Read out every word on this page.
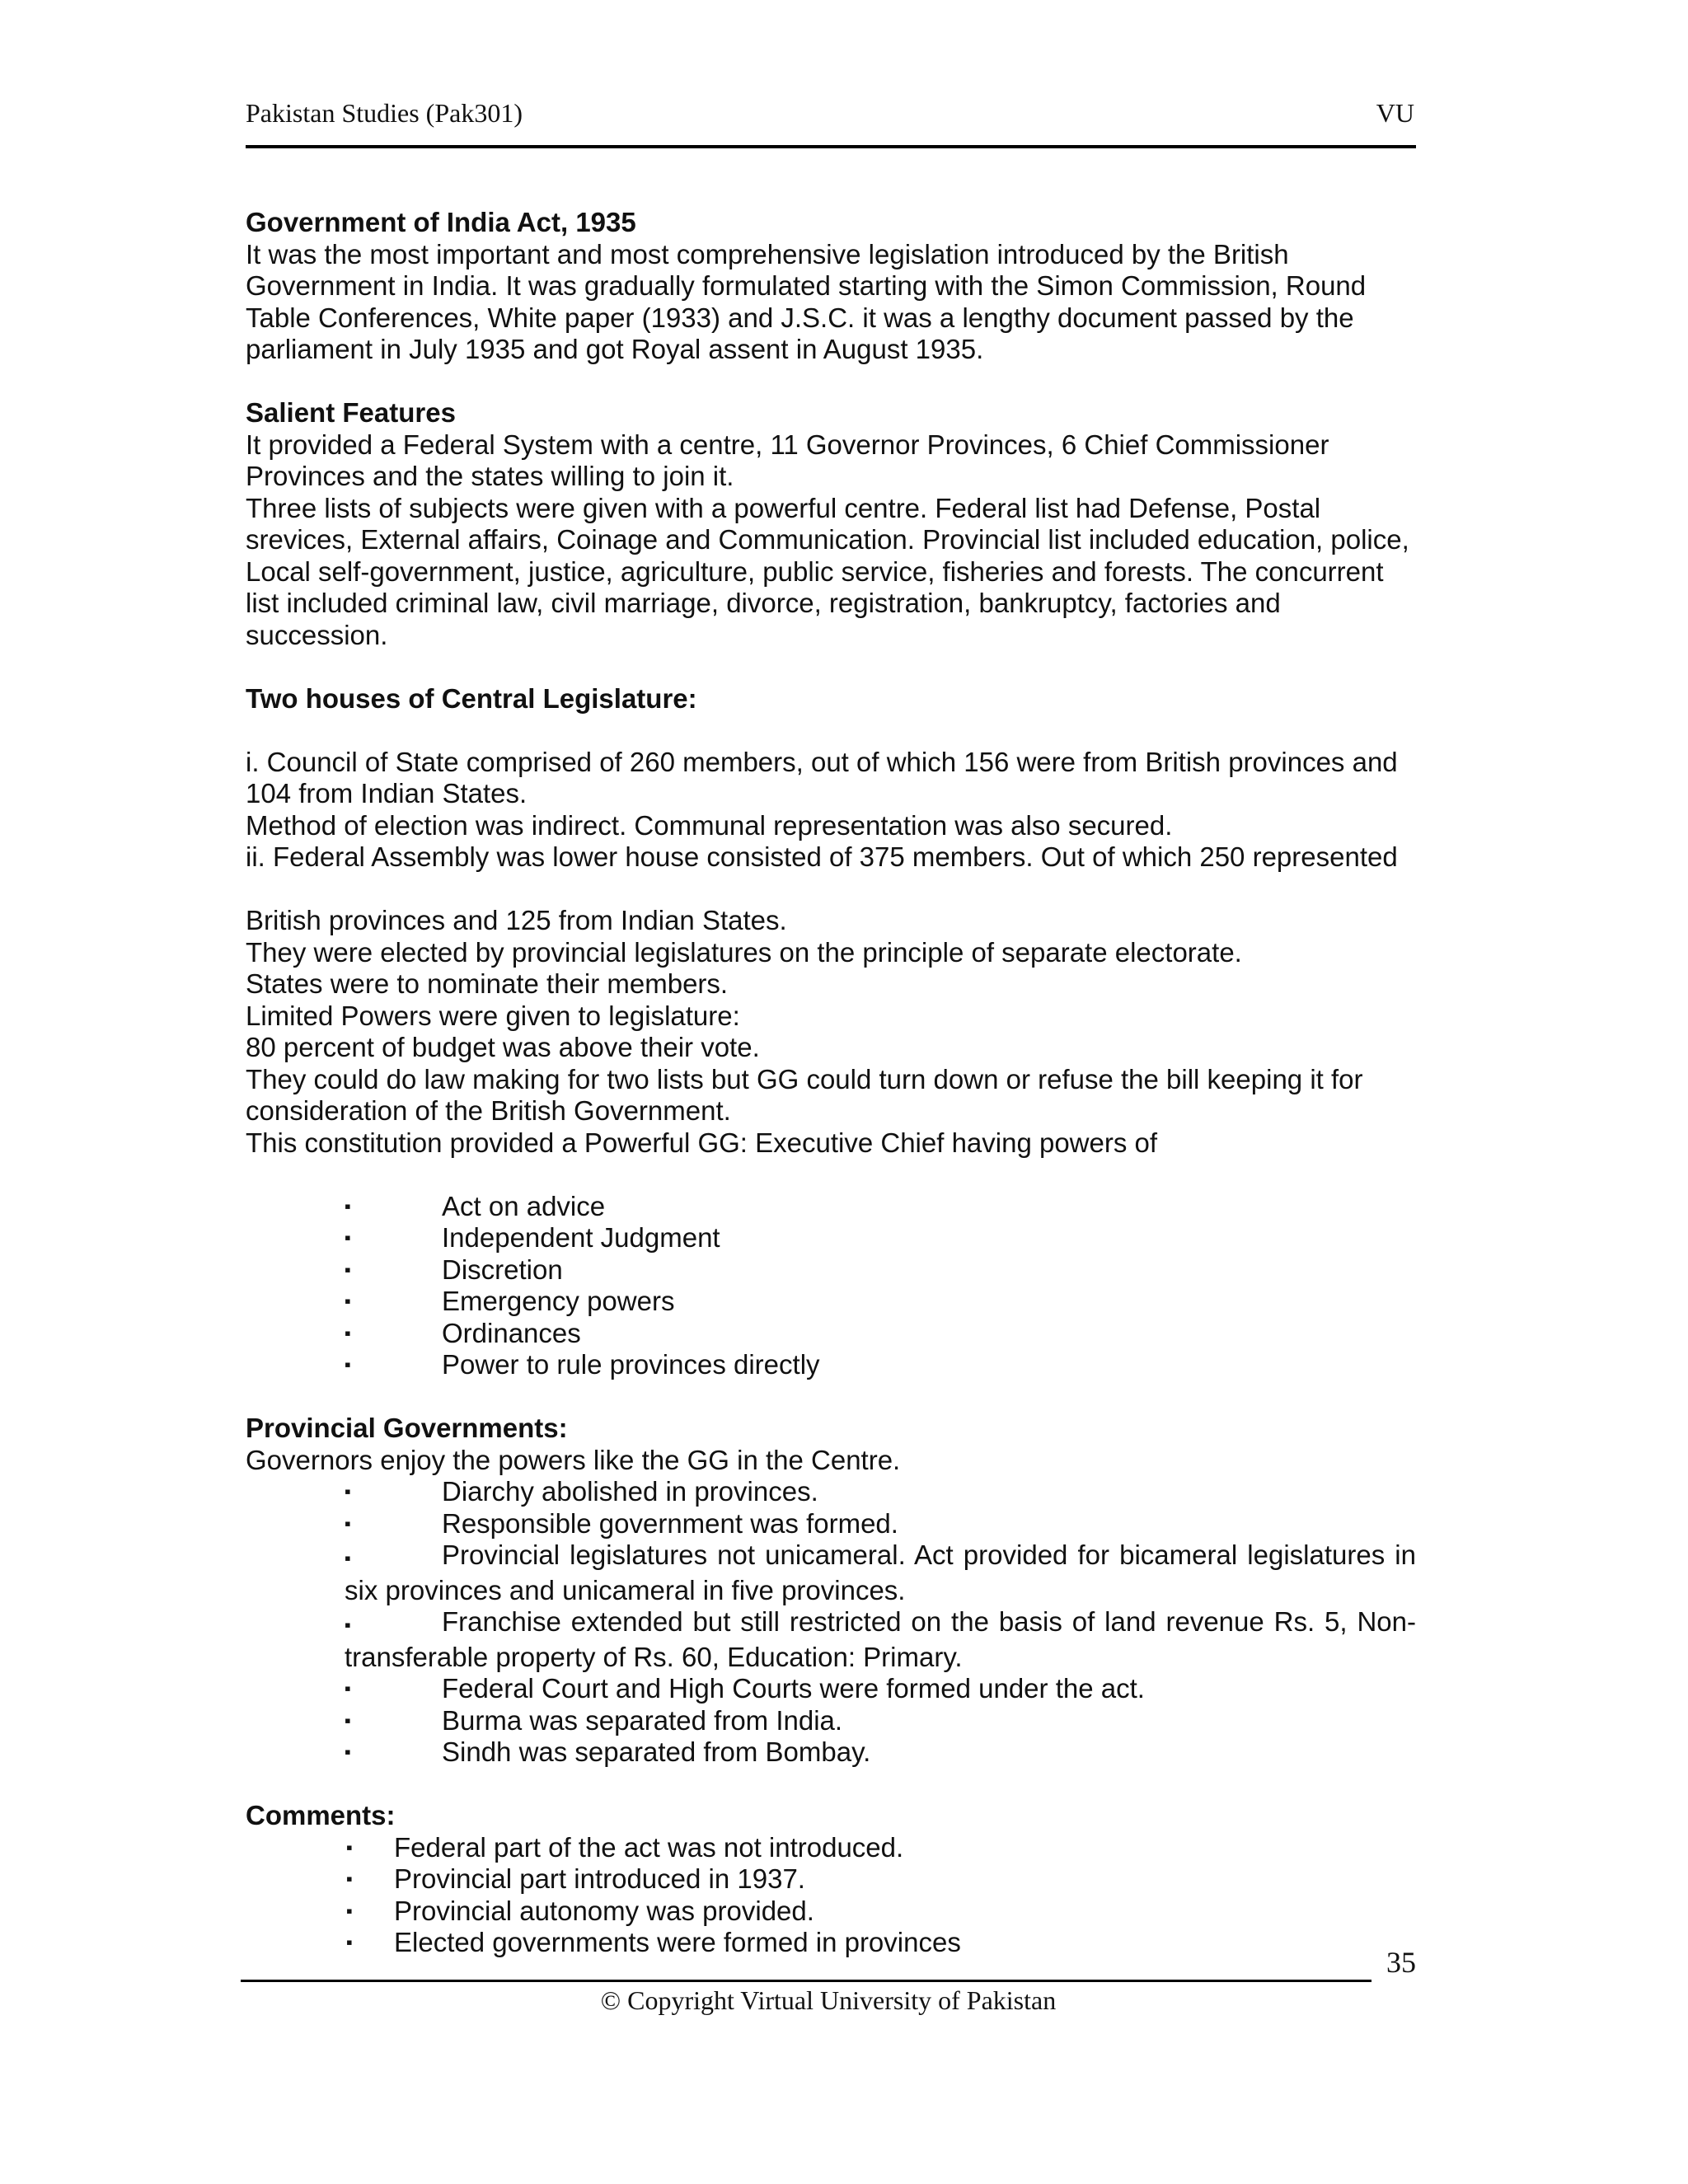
Pakistan Studies (Pak301)	VU

Government of India Act, 1935

It was the most important and most comprehensive legislation introduced by the British

Government in India. It was gradually formulated starting with the Simon Commission, Round

Table Conferences, White paper (1933) and J.S.C. it was a lengthy document passed by the

parliament in July 1935 and got Royal assent in August 1935.

Salient Features

It provided a Federal System with a centre, 11 Governor Provinces, 6 Chief Commissioner

Provinces and the states willing to join it.

Three lists of subjects were given with a powerful centre. Federal list had Defense, Postal

srevices, External affairs, Coinage and Communication. Provincial list included education, police,

Local self-government, justice, agriculture, public service, fisheries and forests. The concurrent

list included criminal law, civil marriage, divorce, registration, bankruptcy, factories and

succession.

Two houses of Central Legislature:

i. Council of State comprised of 260 members, out of which 156 were from British provinces and

104 from Indian States.

Method of election was indirect. Communal representation was also secured.

ii. Federal Assembly was lower house consisted of 375 members. Out of which 250 represented

British provinces and 125 from Indian States.

They were elected by provincial legislatures on the principle of separate electorate.

States were to nominate their members.

Limited Powers were given to legislature:

80 percent of budget was above their vote.

They could do law making for two lists but GG could turn down or refuse the bill keeping it for

consideration of the British Government.

This constitution provided a Powerful GG: Executive Chief having powers of

▪	Act on advice
▪	Independent Judgment
▪	Discretion
▪	Emergency powers
▪	Ordinances
▪	Power to rule provinces directly

Provincial Governments:

Governors enjoy the powers like the GG in the Centre.

▪	Diarchy abolished in provinces.
▪	Responsible government was formed.
▪	Provincial legislatures not unicameral. Act provided for bicameral legislatures in six provinces and unicameral in five provinces.
▪	Franchise extended but still restricted on the basis of land revenue Rs. 5, Non-transferable property of Rs. 60, Education: Primary.
▪	Federal Court and High Courts were formed under the act.
▪	Burma was separated from India.
▪	Sindh was separated from Bombay.

Comments:

▪ Federal part of the act was not introduced.
▪ Provincial part introduced in 1937.
▪ Provincial autonomy was provided.
▪ Elected governments were formed in provinces
35
© Copyright Virtual University of Pakistan
